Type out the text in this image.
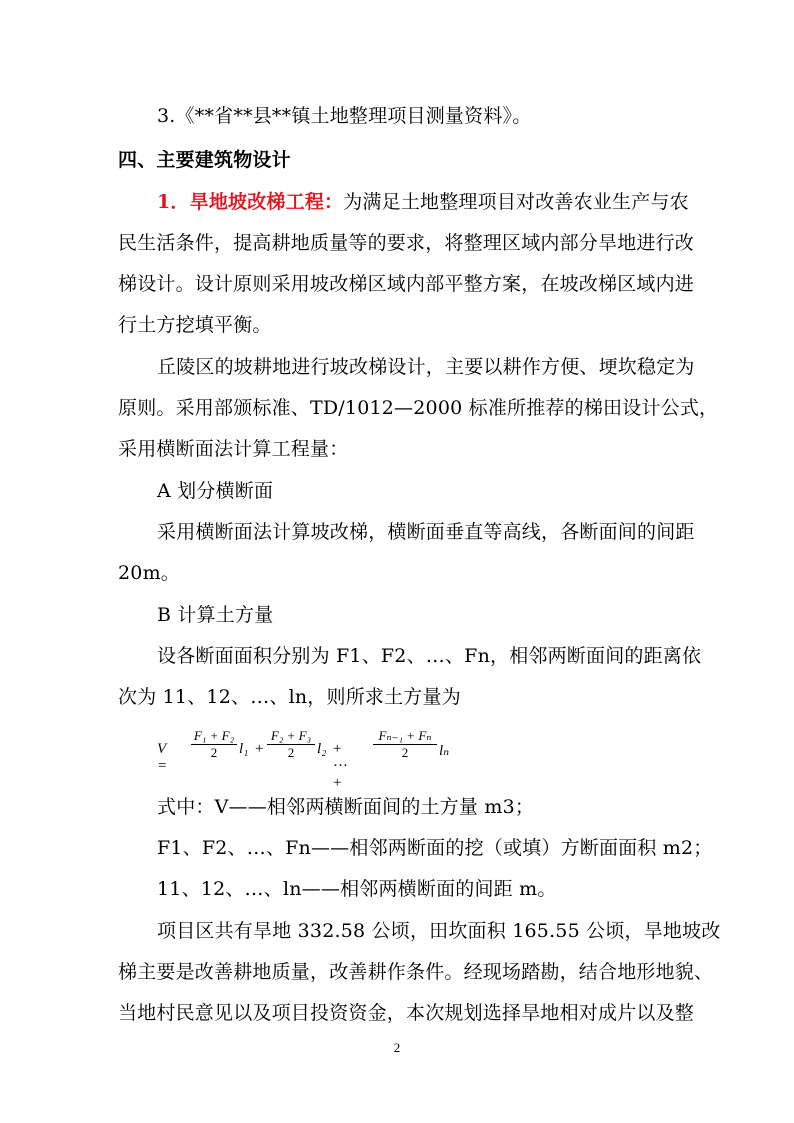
3.《**省**县**镇土地整理项目测量资料》。
四、主要建筑物设计
1．旱地坡改梯工程：为满足土地整理项目对改善农业生产与农
民生活条件，提高耕地质量等的要求，将整理区域内部分旱地进行改
梯设计。设计原则采用坡改梯区域内部平整方案，在坡改梯区域内进
行土方挖填平衡。
丘陵区的坡耕地进行坡改梯设计，主要以耕作方便、埂坎稳定为
原则。采用部颁标准、TD/1012—2000 标准所推荐的梯田设计公式，
采用横断面法计算工程量：
A 划分横断面
采用横断面法计算坡改梯，横断面垂直等高线，各断面间的间距
20m。
B 计算土方量
设各断面面积分别为 F1、F2、…、Fn，相邻两断面间的距离依
次为 11、12、…、ln，则所求土方量为
V =
$\frac{\text{F₁ + F₂}}{2} l_1 + \frac{\text{F₂ + F₃}}{2} l_2$ + ··· +
$\frac{\text{Fₙ₋₁ + Fₙ}}{2}$ lₙ
式中：V——相邻两横断面间的土方量 m3；
F1、F2、…、Fn——相邻两断面的挖（或填）方断面面积 m2；
11、12、…、ln——相邻两横断面的间距 m。
项目区共有旱地 332.58 公顷，田坎面积 165.55 公顷，旱地坡改
梯主要是改善耕地质量，改善耕作条件。经现场踏勘，结合地形地貌、
当地村民意见以及项目投资资金，本次规划选择旱地相对成片以及整
2
